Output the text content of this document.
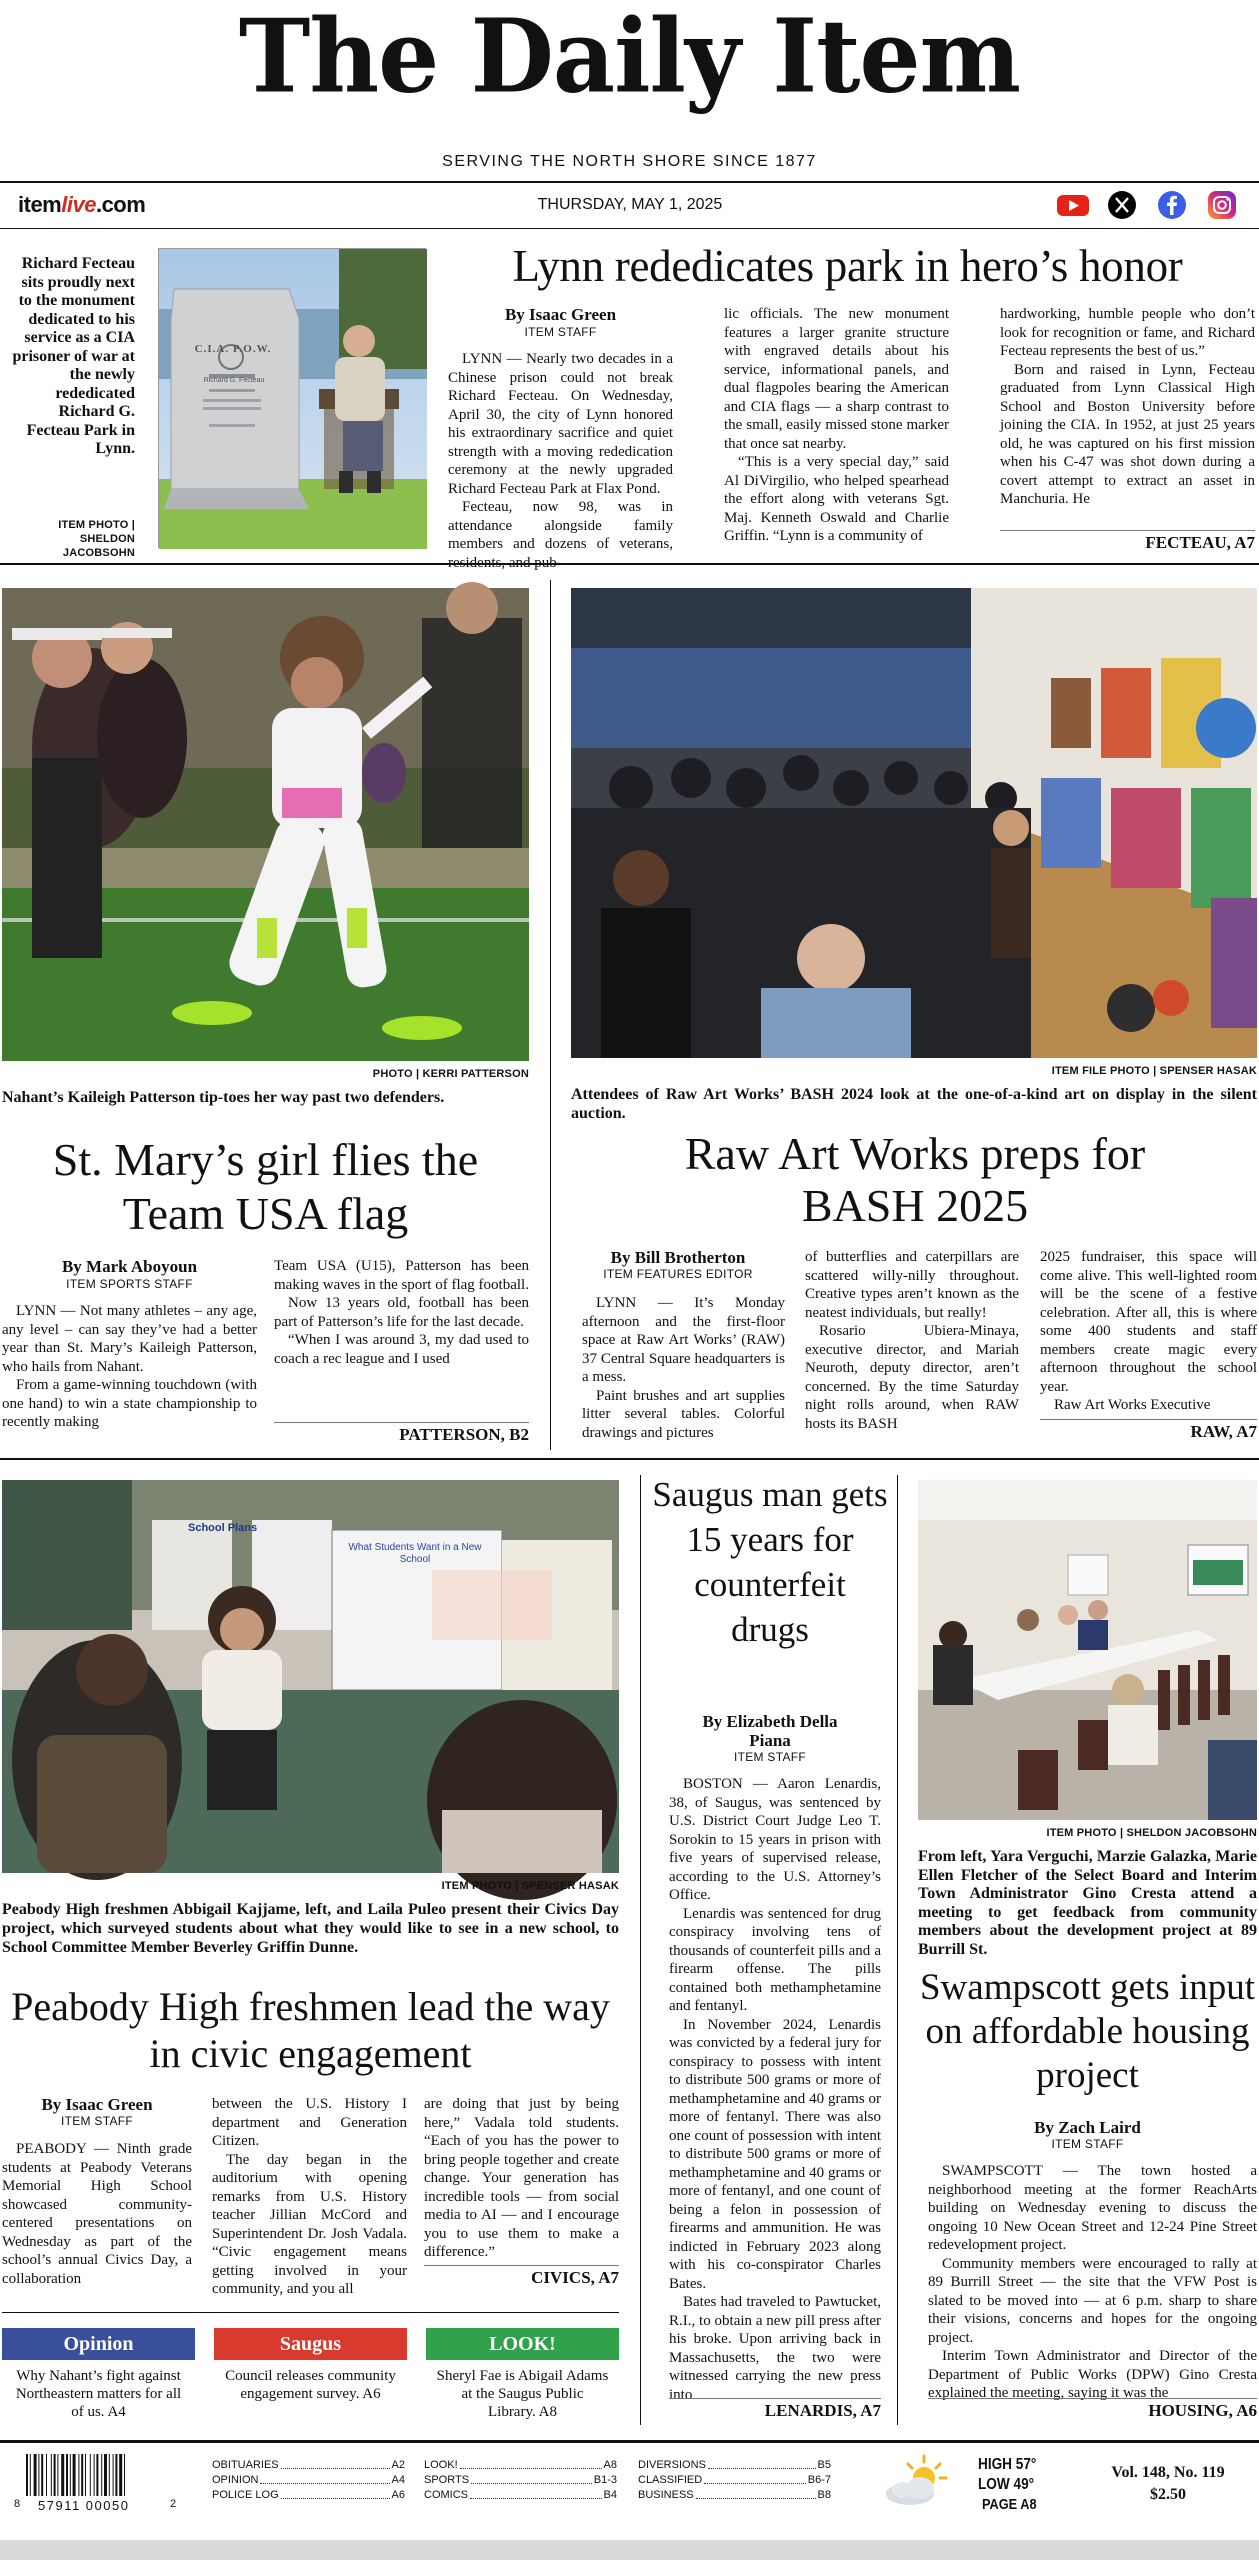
The Daily Item
SERVING THE NORTH SHORE SINCE 1877
itemlive.com	THURSDAY, MAY 1, 2025
Richard Fecteau sits proudly next to the monument dedicated to his service as a CIA prisoner of war at the newly rededicated Richard G. Fecteau Park in Lynn.
ITEM PHOTO |
SHELDON JACOBSOHN
C.I.A. P.O.W.
Richard G. Fecteau
Lynn rededicates park in hero’s honor
By Isaac Green
ITEM STAFF

LYNN — Nearly two decades in a Chinese prison could not break Richard Fecteau. On Wednesday, April 30, the city of Lynn honored his extraordinary sacrifice and quiet strength with a moving rededication ceremony at the newly upgraded Richard Fecteau Park at Flax Pond.

Fecteau, now 98, was in attendance alongside family members and dozens of veterans,

lic officials. The new monument features a larger granite structure with engraved details about his service, informational panels, and dual flagpoles bearing the American and CIA flags — a sharp contrast to the small, easily missed stone marker that once sat nearby.

“This is a very special day,” said Al DiVirgilio, who helped spearhead the effort along with veterans Sgt. Maj. Kenneth Oswald and Charlie Griffin. “Lynn is a community of

hardworking, humble people who don’t look for recognition or fame, and Richard Fecteau represents the best of us.”

Born and raised in Lynn, Fecteau graduated from Lynn Classical High School and Boston University before joining the CIA. In 1952, at just 25 years old, he was captured on his first mission when his C-47 was shot down during a covert attempt to extract an asset in Manchuria. He

FECTEAU, A7
PHOTO | KERRI PATTERSON
Nahant’s Kaileigh Patterson tip-toes her way past two defenders.
St. Mary’s girl flies the Team USA flag
By Mark Aboyoun
ITEM SPORTS STAFF

LYNN — Not many athletes – any age, any level – can say they’ve had a better year than St. Mary’s Kaileigh Patterson, who hails from Nahant.

From a game-winning touchdown (with one hand) to win a state championship to recently making

Team USA (U15), Patterson has been making waves in the sport of flag football.

Now 13 years old, football has been part of Patterson’s life for the last decade.

“When I was around 3, my dad used to coach a rec league and I used

PATTERSON, B2
ITEM FILE PHOTO | SPENSER HASAK
Attendees of Raw Art Works’ BASH 2024 look at the one-of-a-kind art on display in the silent auction.
Raw Art Works preps for BASH 2025
By Bill Brotherton
ITEM FEATURES EDITOR

LYNN — It’s Monday afternoon and the first-floor space at Raw Art Works’ (RAW) 37 Central Square headquarters is a mess.

Paint brushes and art supplies litter several tables. Colorful drawings and pictures

of butterflies and caterpillars are scattered willy-nilly throughout. Creative types aren’t known as the neatest individuals, but really!

Rosario Ubiera-Minaya, executive director, and Mariah Neuroth, deputy director, aren’t concerned. By the time Saturday night rolls around, when RAW hosts its BASH

2025 fundraiser, this space will come alive. This well-lighted room will be the scene of a festive celebration. After all, this is where some 400 students and staff members create magic every afternoon throughout the school year.

Raw Art Works Executive

RAW, A7
School Plans
What Students Want in a New School
ITEM PHOTO | SPENSER HASAK
Peabody High freshmen Abbigail Kajjame, left, and Laila Puleo present their Civics Day project, which surveyed students about what they would like to see in a new school, to School Committee Member Beverley Griffin Dunne.
Peabody High freshmen lead the way in civic engagement
By Isaac Green
ITEM STAFF

PEABODY — Ninth grade students at Peabody Veterans Memorial High School showcased community-centered presentations on Wednesday as part of the school’s annual Civics Day, a collaboration

between the U.S. History I department and Generation Citizen.

The day began in the auditorium with opening remarks from U.S. History teacher Jillian McCord and Superintendent Dr. Josh Vadala. “Civic engagement means getting involved in your community, and you all

are doing that just by being here,” Vadala told students. “Each of you has the power to bring people together and create change. Your generation has incredible tools — from social media to AI — and I encourage you to use them to make a difference.”

CIVICS, A7
Opinion	Saugus	LOOK!
Why Nahant’s fight against Northeastern matters for all of us. A4
Council releases community engagement survey. A6
Sheryl Fae is Abigail Adams at the Saugus Public Library. A8
Saugus man gets 15 years for counterfeit drugs
By Elizabeth Della Piana
ITEM STAFF

BOSTON — Aaron Lenardis, 38, of Saugus, was sentenced by U.S. District Court Judge Leo T. Sorokin to 15 years in prison with five years of supervised release, according to the U.S. Attorney’s Office.

Lenardis was sentenced for drug conspiracy involving tens of thousands of counterfeit pills and a firearm offense. The pills contained both methamphetamine and fentanyl.

In November 2024, Lenardis was convicted by a federal jury for conspiracy to possess with intent to distribute 500 grams or more of methamphetamine and 40 grams or more of fentanyl. There was also one count of possession with intent to distribute 500 grams or more of methamphetamine and 40 grams or more of fentanyl, and one count of being a felon in possession of firearms and ammunition. He was indicted in February 2023 along with his co-conspirator Charles Bates.

Bates had traveled to Pawtucket, R.I., to obtain a new pill press after his broke. Upon arriving back in Massachusetts, the two were witnessed carrying the new press into

LENARDIS, A7
ITEM PHOTO | SHELDON JACOBSOHN
From left, Yara Verguchi, Marzie Galazka, Marie Ellen Fletcher of the Select Board and Interim Town Administrator Gino Cresta attend a meeting to get feedback from community members about the development project at 89 Burrill St.
Swampscott gets input on affordable housing project
By Zach Laird
ITEM STAFF

SWAMPSCOTT — The town hosted a neighborhood meeting at the former ReachArts building on Wednesday evening to discuss the ongoing 10 New Ocean Street and 12-24 Pine Street redevelopment project.

Community members were encouraged to rally at 89 Burrill Street — the site that the VFW Post is slated to be moved into — at 6 p.m. sharp to share their visions, concerns and hopes for the ongoing project.

Interim Town Administrator and Director of the Department of Public Works (DPW) Gino Cresta explained the meeting, saying it was the

HOUSING, A6
8 57911 00050	2
OBITUARIES	A2
OPINION	A4
POLICE LOG	A6
LOOK!	A8
SPORTS	B1-3
COMICS	B4
DIVERSIONS	B5
CLASSIFIED	B6-7
BUSINESS	B8
HIGH 57°
LOW 49°
PAGE A8
Vol. 148, No. 119
$2.50
